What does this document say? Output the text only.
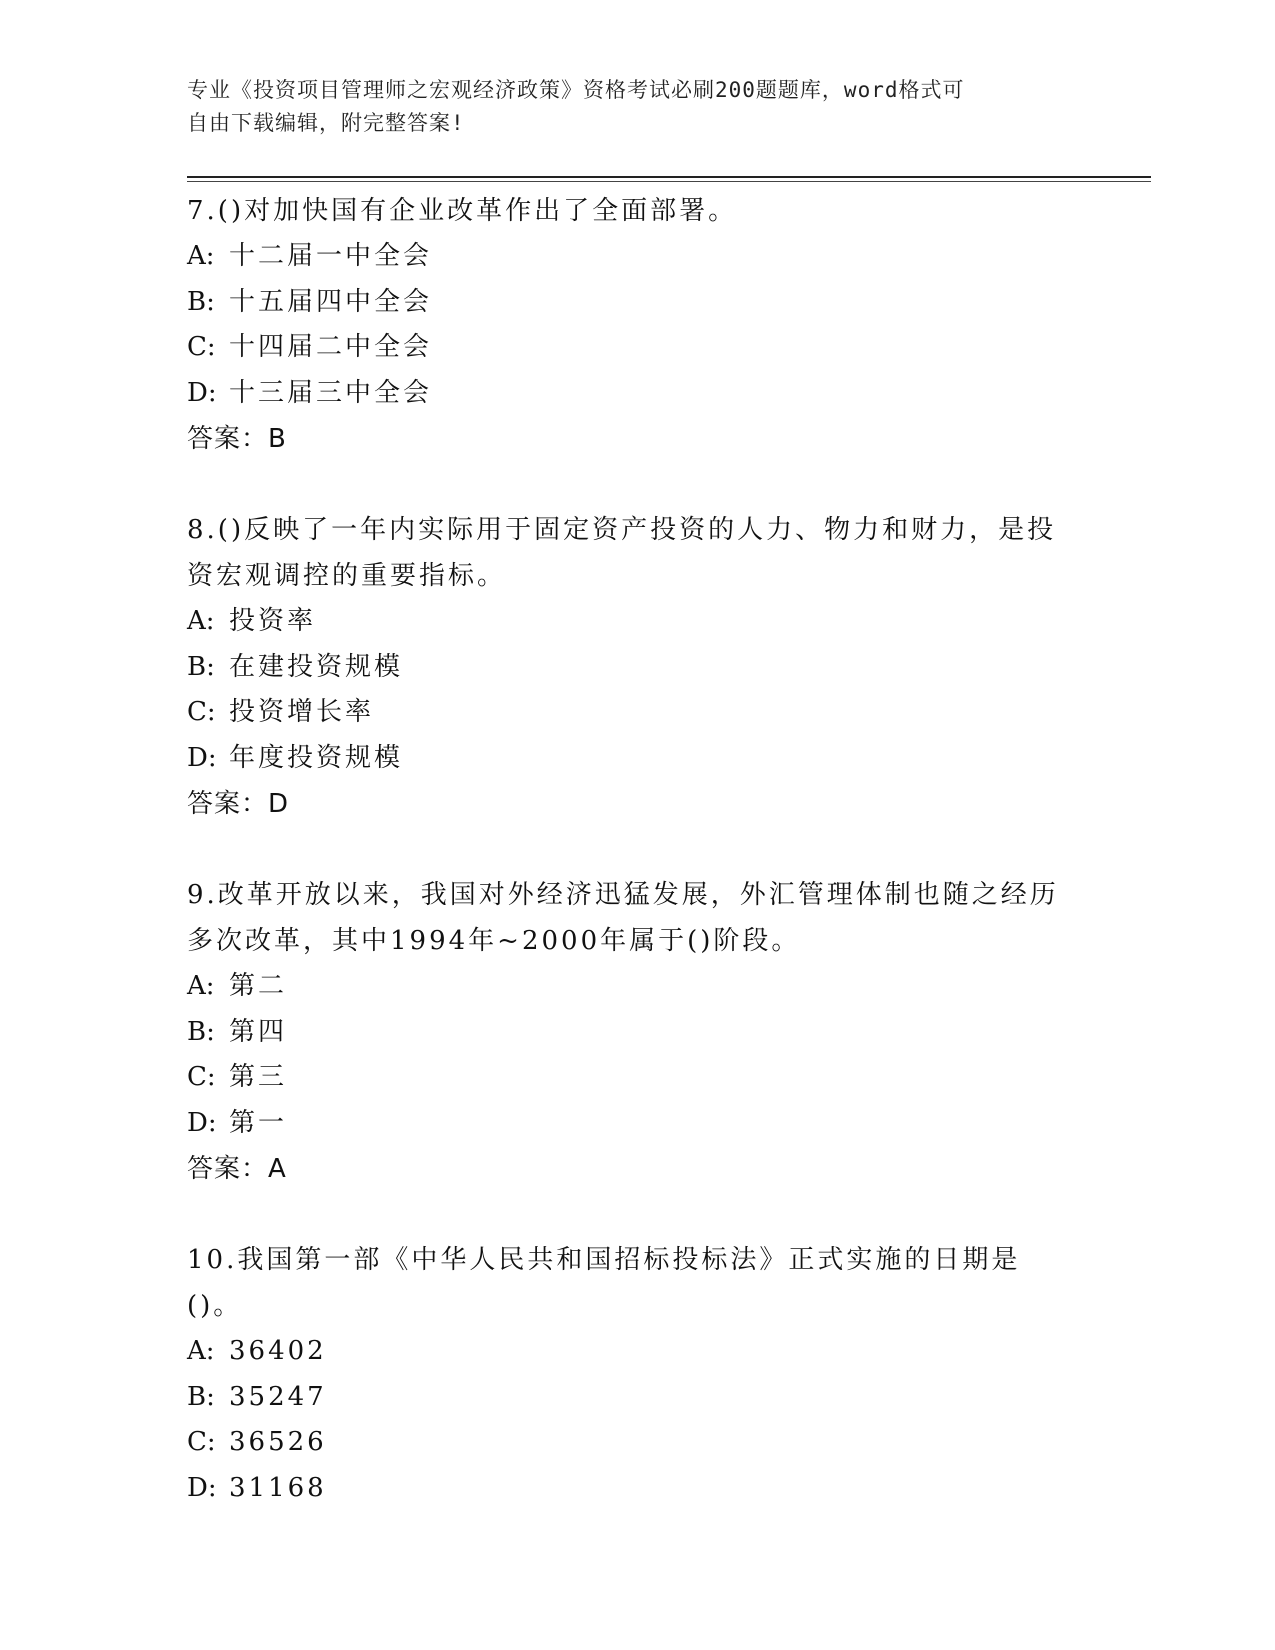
专业《投资项目管理师之宏观经济政策》资格考试必刷200题题库，word格式可
自由下载编辑，附完整答案!

7.()对加快国有企业改革作出了全面部署。

A: 十二届一中全会
B: 十五届四中全会
C: 十四届二中全会
D: 十三届三中全会

答案：B

8.()反映了一年内实际用于固定资产投资的人力、物力和财力，是投资宏观调控的重要指标。

A: 投资率
B: 在建投资规模
C: 投资增长率
D: 年度投资规模

答案：D

9.改革开放以来，我国对外经济迅猛发展，外汇管理体制也随之经历多次改革，其中1994年~2000年属于()阶段。

A: 第二
B: 第四
C: 第三
D: 第一

答案：A

10.我国第一部《中华人民共和国招标投标法》正式实施的日期是()。

A: 36402
B: 35247
C: 36526
D: 31168
